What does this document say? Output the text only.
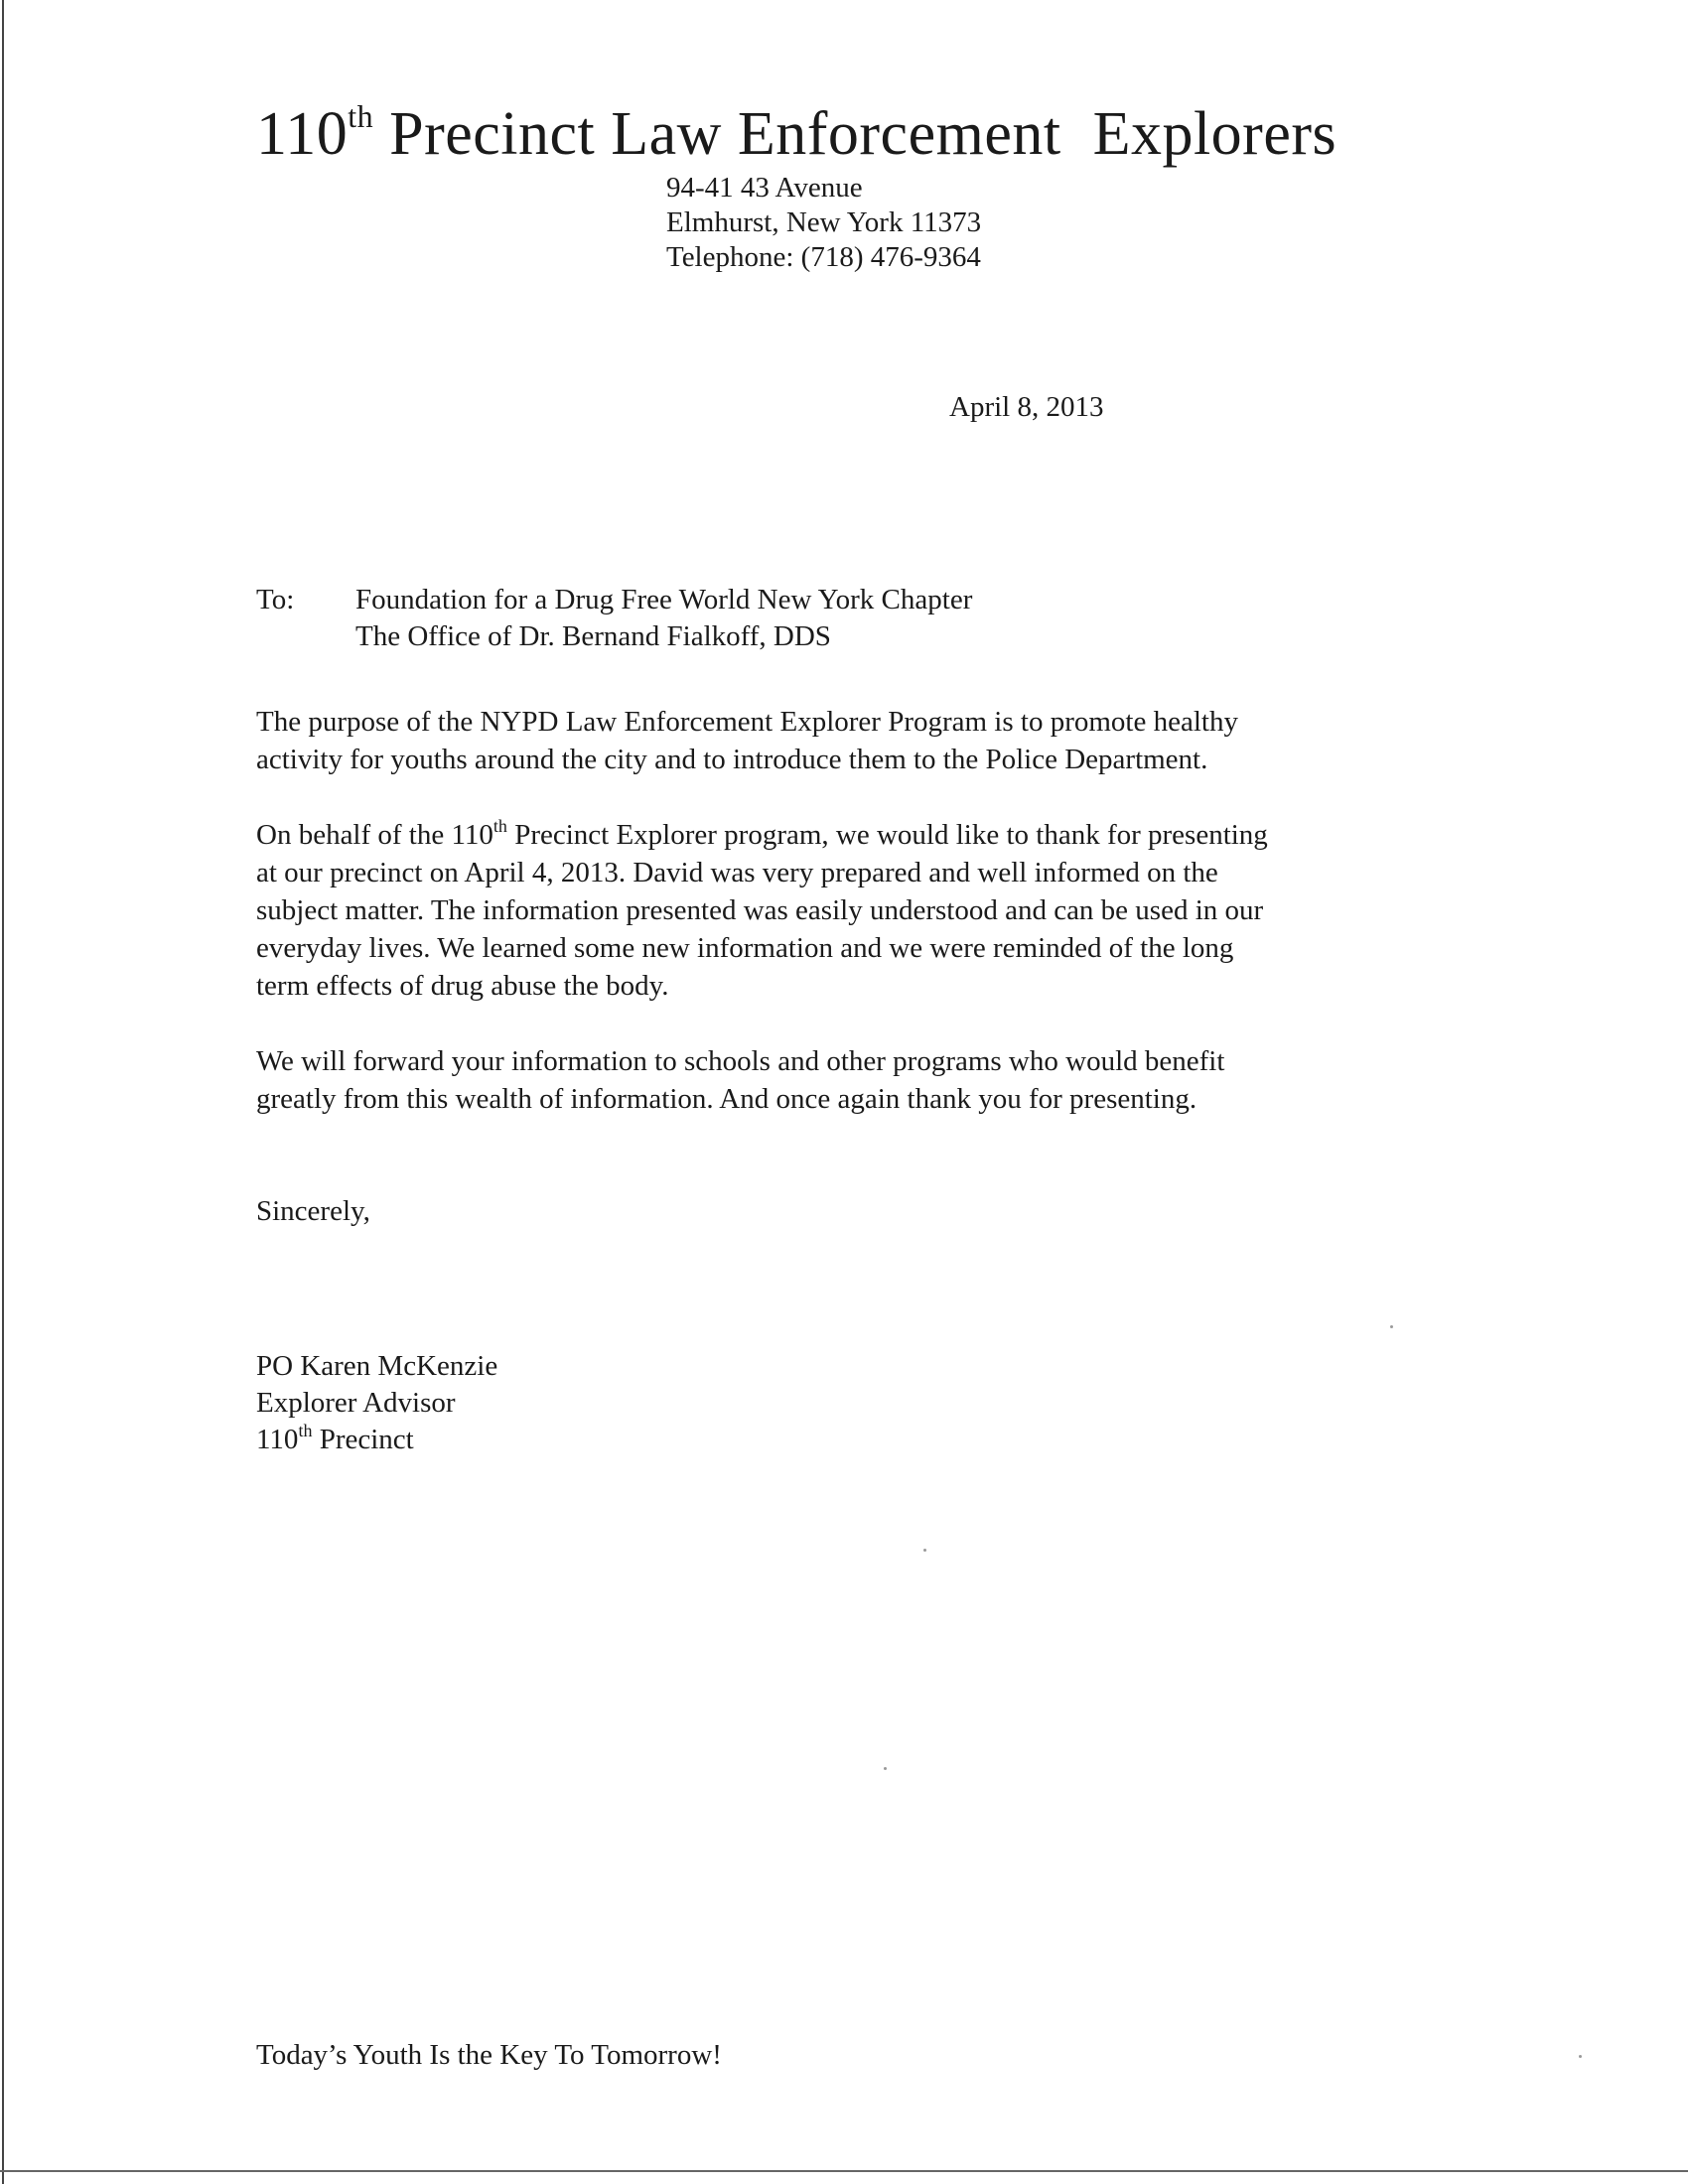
110th Precinct Law Enforcement Explorers
94-41 43 Avenue
Elmhurst, New York 11373
Telephone: (718) 476-9364
April 8, 2013
To: Foundation for a Drug Free World New York Chapter
The Office of Dr. Bernand Fialkoff, DDS
The purpose of the NYPD Law Enforcement Explorer Program is to promote healthy
activity for youths around the city and to introduce them to the Police Department.
On behalf of the 110th Precinct Explorer program, we would like to thank for presenting
at our precinct on April 4, 2013. David was very prepared and well informed on the
subject matter. The information presented was easily understood and can be used in our
everyday lives. We learned some new information and we were reminded of the long
term effects of drug abuse the body.
We will forward your information to schools and other programs who would benefit
greatly from this wealth of information. And once again thank you for presenting.
Sincerely,
PO Karen McKenzie
Explorer Advisor
110th Precinct
Today’s Youth Is the Key To Tomorrow!
